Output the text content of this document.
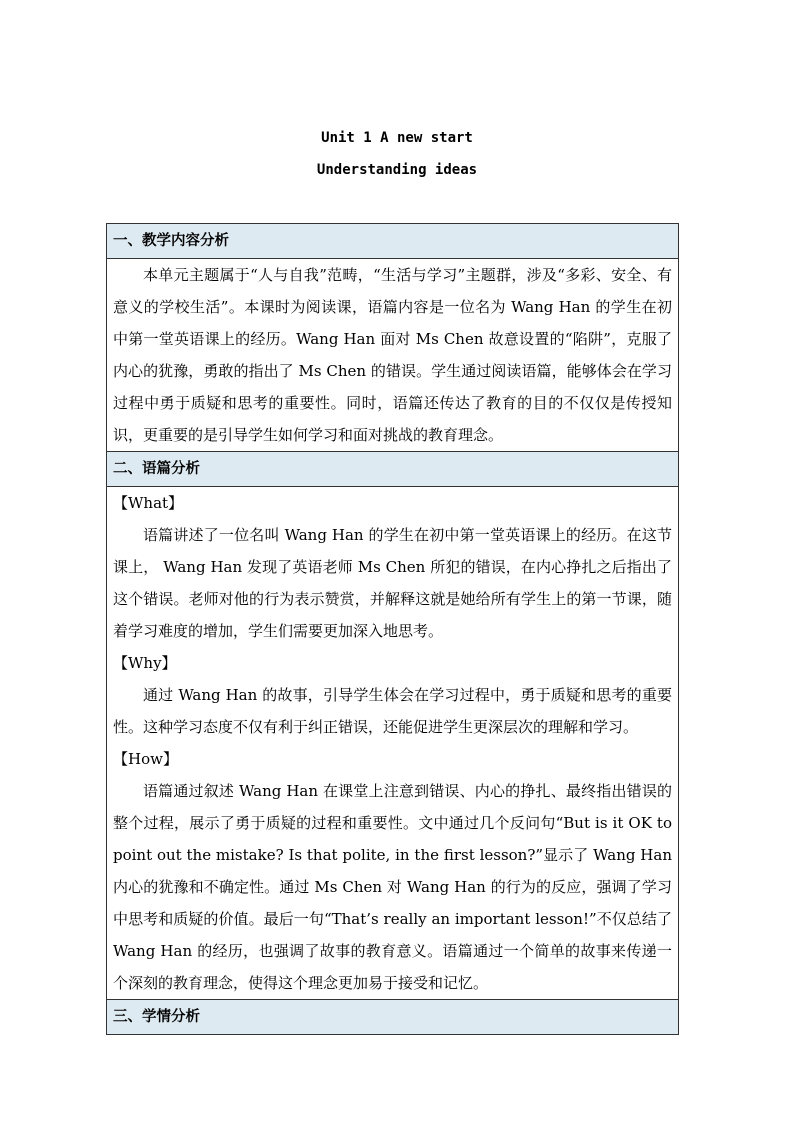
Unit 1 A new start
Understanding ideas
一、教学内容分析

本单元主题属于“人与自我”范畴，“生活与学习”主题群，涉及“多彩、安全、有意义的学校生活”。本课时为阅读课，语篇内容是一位名为 Wang Han 的学生在初中第一堂英语课上的经历。Wang Han 面对 Ms Chen 故意设置的“陷阱”，克服了内心的犹豫，勇敢的指出了 Ms Chen 的错误。学生通过阅读语篇，能够体会在学习过程中勇于质疑和思考的重要性。同时，语篇还传达了教育的目的不仅仅是传授知识，更重要的是引导学生如何学习和面对挑战的教育理念。

二、语篇分析

【What】

语篇讲述了一位名叫 Wang Han 的学生在初中第一堂英语课上的经历。在这节课上， Wang Han 发现了英语老师 Ms Chen 所犯的错误，在内心挣扎之后指出了这个错误。老师对他的行为表示赞赏，并解释这就是她给所有学生上的第一节课，随着学习难度的增加，学生们需要更加深入地思考。

【Why】

通过 Wang Han 的故事，引导学生体会在学习过程中，勇于质疑和思考的重要性。这种学习态度不仅有利于纠正错误，还能促进学生更深层次的理解和学习。

【How】

语篇通过叙述 Wang Han 在课堂上注意到错误、内心的挣扎、最终指出错误的整个过程，展示了勇于质疑的过程和重要性。文中通过几个反问句“But is it OK to point out the mistake? Is that polite, in the first lesson?”显示了 Wang Han 内心的犹豫和不确定性。通过 Ms Chen 对 Wang Han 的行为的反应，强调了学习中思考和质疑的价值。最后一句“That’s really an important lesson!”不仅总结了 Wang Han 的经历，也强调了故事的教育意义。语篇通过一个简单的故事来传递一个深刻的教育理念，使得这个理念更加易于接受和记忆。

三、学情分析
